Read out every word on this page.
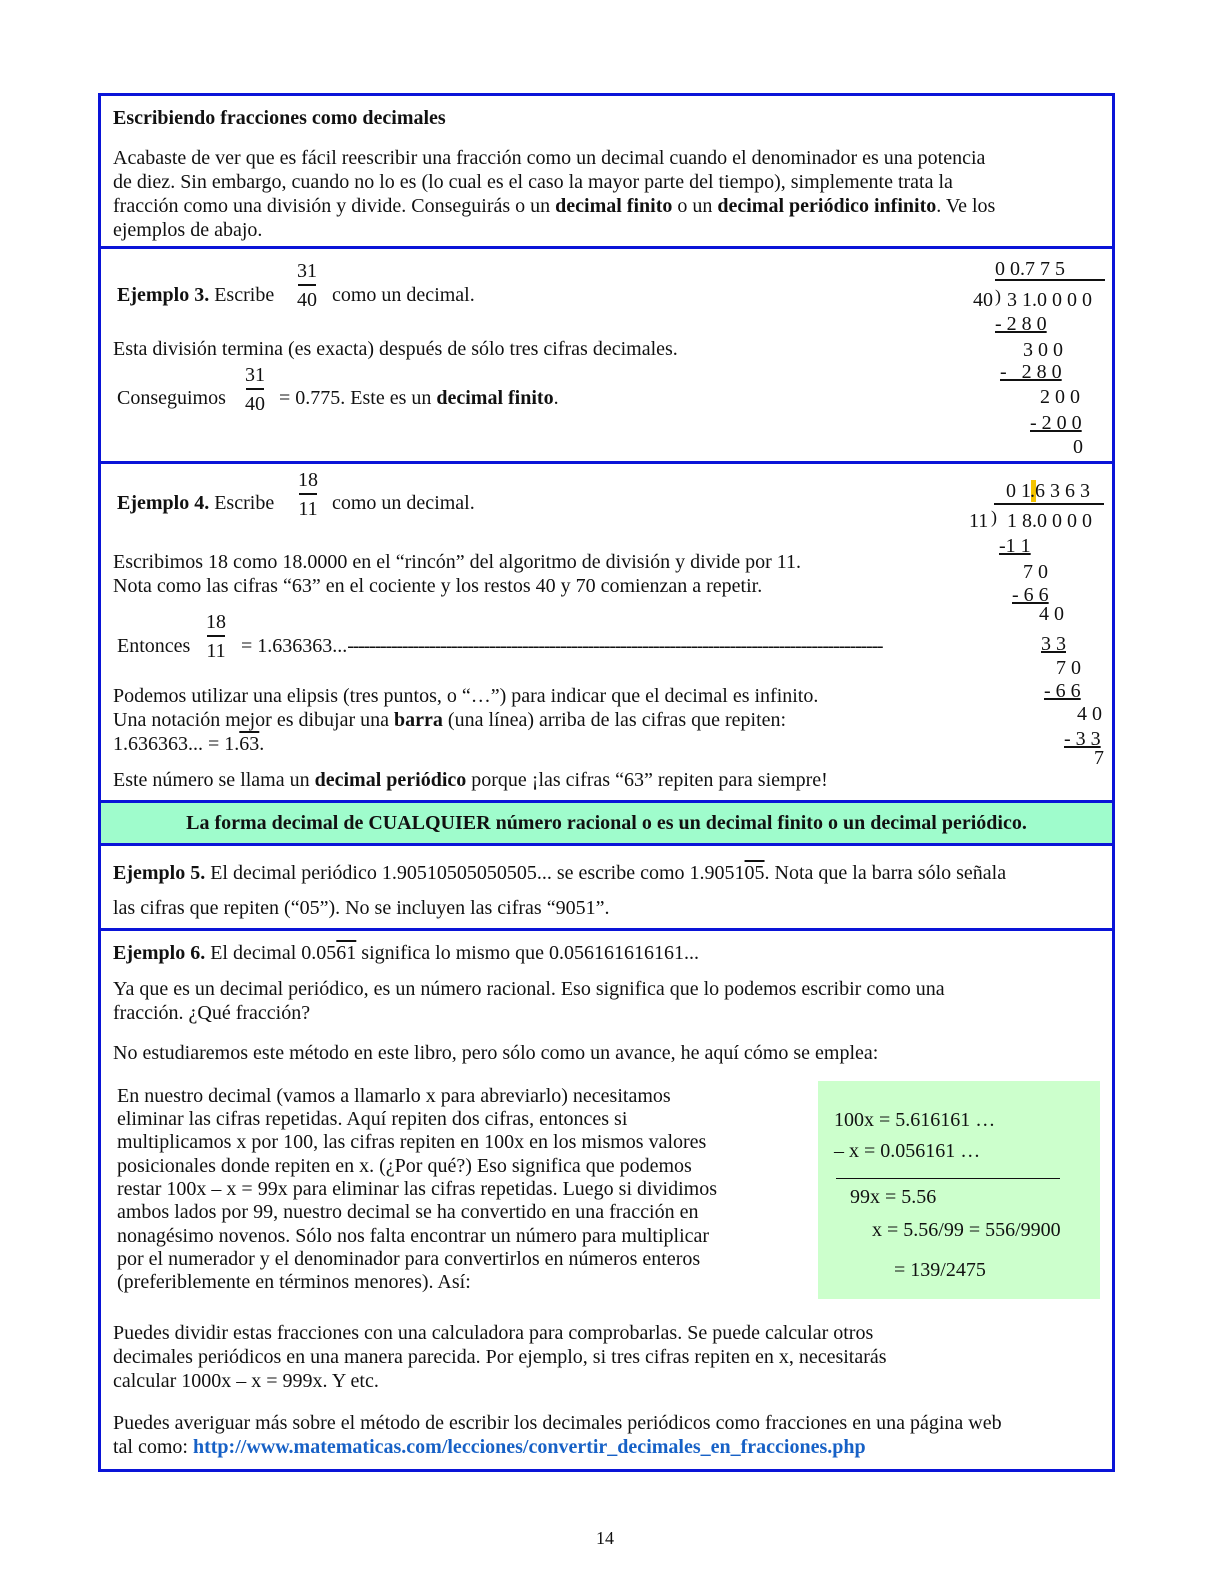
Escribiendo fracciones como decimales
Acabaste de ver que es fácil reescribir una fracción como un decimal cuando el denominador es una potencia
de diez. Sin embargo, cuando no lo es (lo cual es el caso la mayor parte del tiempo), simplemente trata la
fracción como una división y divide. Conseguirás o un decimal finito o un decimal periódico infinito. Ve los
ejemplos de abajo.
Ejemplo 3. Escribe
31
40 como un decimal.
Esta división termina (es exacta) después de sólo tres cifras decimales.
Conseguimos
31
40 = 0.775. Este es un decimal finito.
0 0.7 7 5
40 ) 3 1.0 0 0 0
- 2 8 0
3 0 0
-   2 8 0
2 0 0
- 2 0 0
0
Ejemplo 4. Escribe
18
11 como un decimal.
Escribimos 18 como 18.0000 en el “rincón” del algoritmo de división y divide por 11.
Nota como las cifras “63” en el cociente y los restos 40 y 70 comienzan a repetir.
Entonces
18
11 = 1.636363...--------------------------------------------------------------------------------------------------
Podemos utilizar una elipsis (tres puntos, o “…”) para indicar que el decimal es infinito.
Una notación mejor es dibujar una barra (una línea) arriba de las cifras que repiten:
1.636363... = 1.63.
Este número se llama un decimal periódico porque ¡las cifras “63” repiten para siempre!
0 1 .6 3 6 3
11 ) 1 8.0 0 0 0
-1 1
7 0
- 6 6
4 0
3 3
7 0
- 6 6
4 0
- 3 3
7
La forma decimal de CUALQUIER número racional o es un decimal finito o un decimal periódico.
Ejemplo 5. El decimal periódico 1.90510505050505... se escribe como 1.905105. Nota que la barra sólo señala
las cifras que repiten (“05”). No se incluyen las cifras “9051”.
Ejemplo 6. El decimal 0.0561 significa lo mismo que 0.056161616161...
Ya que es un decimal periódico, es un número racional. Eso significa que lo podemos escribir como una
fracción. ¿Qué fracción?
No estudiaremos este método en este libro, pero sólo como un avance, he aquí cómo se emplea:
En nuestro decimal (vamos a llamarlo x para abreviarlo) necesitamos
eliminar las cifras repetidas. Aquí repiten dos cifras, entonces si
multiplicamos x por 100, las cifras repiten en 100x en los mismos valores
posicionales donde repiten en x. (¿Por qué?) Eso significa que podemos
restar 100x – x = 99x para eliminar las cifras repetidas. Luego si dividimos
ambos lados por 99, nuestro decimal se ha convertido en una fracción en
nonagésimo novenos. Sólo nos falta encontrar un número para multiplicar
por el numerador y el denominador para convertirlos en números enteros
(preferiblemente en términos menores). Así:
100x = 5.616161 …
– x = 0.056161 …
99x = 5.56
x = 5.56/99 = 556/9900
= 139/2475
Puedes dividir estas fracciones con una calculadora para comprobarlas. Se puede calcular otros
decimales periódicos en una manera parecida. Por ejemplo, si tres cifras repiten en x, necesitarás
calcular 1000x – x = 999x. Y etc.
Puedes averiguar más sobre el método de escribir los decimales periódicos como fracciones en una página web
tal como: http://www.matematicas.com/lecciones/convertir_decimales_en_fracciones.php
14
